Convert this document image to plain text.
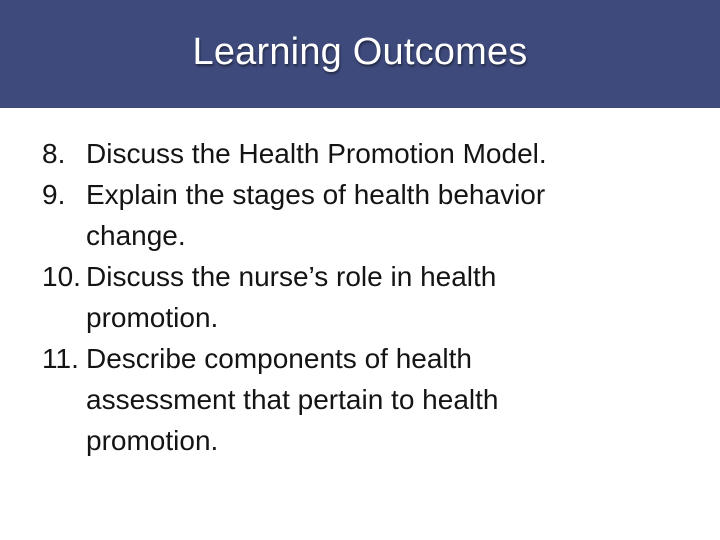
Learning Outcomes
8. Discuss the Health Promotion Model.
9. Explain the stages of health behavior
change.
10. Discuss the nurse’s role in health
promotion.
11. Describe components of health
assessment that pertain to health
promotion.
